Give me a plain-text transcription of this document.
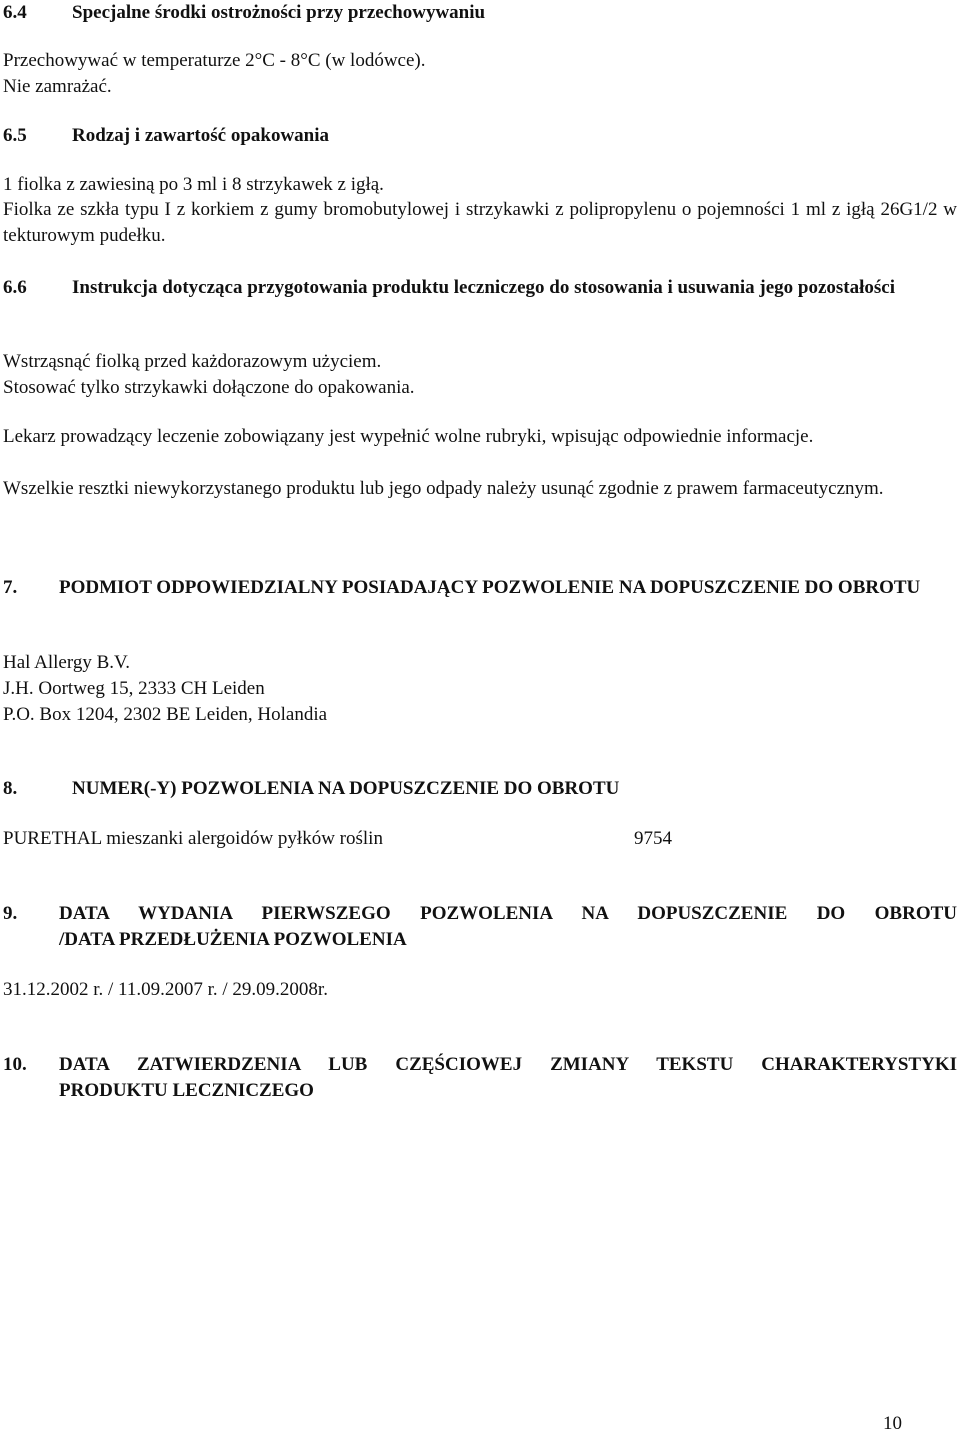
6.4	Specjalne środki ostrożności przy przechowywaniu
Przechowywać w temperaturze 2°C - 8°C (w lodówce).
Nie zamrażać.
6.5	Rodzaj i zawartość opakowania
1 fiolka z zawiesiną po 3 ml i 8 strzykawek z igłą.
Fiolka ze szkła typu I z korkiem z gumy bromobutylowej i strzykawki z polipropylenu o pojemności 1 ml z igłą 26G1/2 w tekturowym pudełku.
6.6	Instrukcja dotycząca przygotowania produktu leczniczego do stosowania i usuwania jego pozostałości
Wstrząsnąć fiolką przed każdorazowym użyciem.
Stosować tylko strzykawki dołączone do opakowania.
Lekarz prowadzący leczenie zobowiązany jest wypełnić wolne rubryki, wpisując odpowiednie informacje.
Wszelkie resztki niewykorzystanego produktu lub jego odpady należy usunąć zgodnie z prawem farmaceutycznym.
7.	PODMIOT ODPOWIEDZIALNY POSIADAJĄCY POZWOLENIE NA DOPUSZCZENIE DO OBROTU
Hal Allergy B.V.
J.H. Oortweg 15, 2333 CH Leiden
P.O. Box 1204, 2302 BE Leiden, Holandia
8.	NUMER(-Y) POZWOLENIA NA DOPUSZCZENIE DO OBROTU
PURETHAL mieszanki alergoidów pyłków roślin	9754
9.	DATA WYDANIA PIERWSZEGO POZWOLENIA NA DOPUSZCZENIE DO OBROTU
/DATA PRZEDŁUŻENIA POZWOLENIA
31.12.2002 r. / 11.09.2007 r. / 29.09.2008r.
10.	DATA ZATWIERDZENIA LUB CZĘŚCIOWEJ ZMIANY TEKSTU CHARAKTERYSTYKI
PRODUKTU LECZNICZEGO
10
